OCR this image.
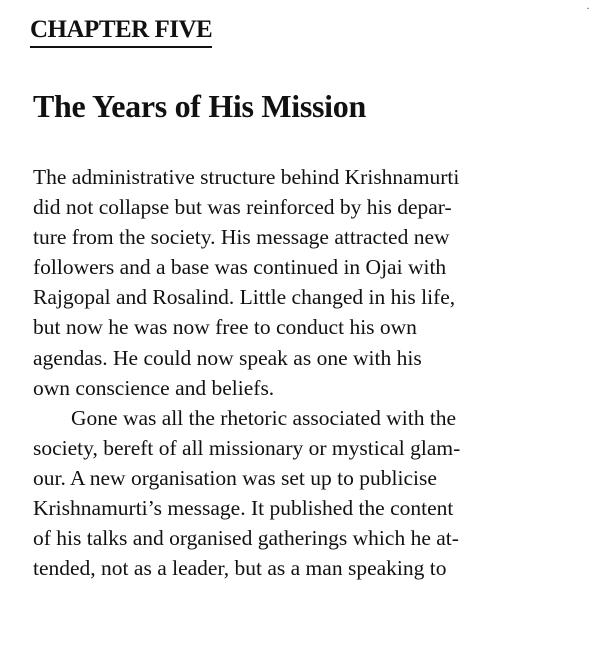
·
CHAPTER FIVE
The Years of His Mission
The administrative structure behind Krishnamurti
did not collapse but was reinforced by his depar-
ture from the society. His message attracted new
followers and a base was continued in Ojai with
Rajgopal and Rosalind. Little changed in his life,
but now he was now free to conduct his own
agendas. He could now speak as one with his
own conscience and beliefs.
Gone was all the rhetoric associated with the
society, bereft of all missionary or mystical glam-
our. A new organisation was set up to publicise
Krishnamurti’s message. It published the content
of his talks and organised gatherings which he at-
tended, not as a leader, but as a man speaking to
